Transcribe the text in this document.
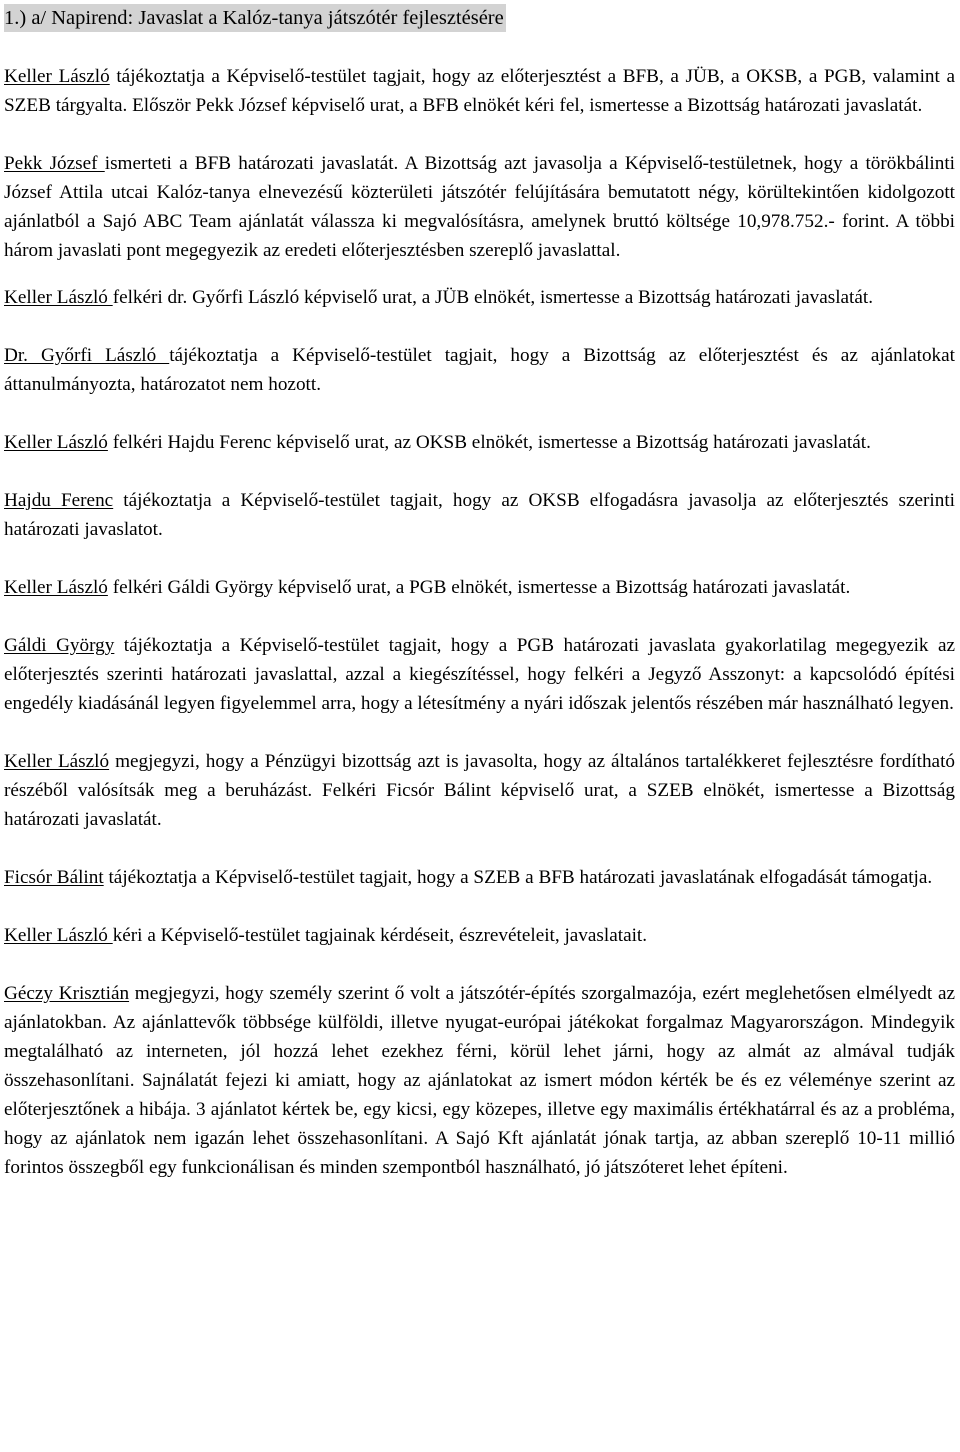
1.) a/ Napirend: Javaslat a Kalóz-tanya játszótér fejlesztésére

Keller László tájékoztatja a Képviselő-testület tagjait, hogy az előterjesztést a BFB, a JÜB, a OKSB, a PGB, valamint a SZEB tárgyalta. Először Pekk József képviselő urat, a BFB elnökét kéri fel, ismertesse a Bizottság határozati javaslatát.

Pekk József ismerteti a BFB határozati javaslatát. A Bizottság azt javasolja a Képviselő-testületnek, hogy a törökbálinti József Attila utcai Kalóz-tanya elnevezésű közterületi játszótér felújítására bemutatott négy, körültekintően kidolgozott ajánlatból a Sajó ABC Team ajánlatát válassza ki megvalósításra, amelynek bruttó költsége 10,978.752.- forint. A többi három javaslati pont megegyezik az eredeti előterjesztésben szereplő javaslattal.

Keller László felkéri dr. Győrfi László képviselő urat, a JÜB elnökét, ismertesse a Bizottság határozati javaslatát.

Dr. Győrfi László tájékoztatja a Képviselő-testület tagjait, hogy a Bizottság az előterjesztést és az ajánlatokat áttanulmányozta, határozatot nem hozott.

Keller László felkéri Hajdu Ferenc képviselő urat, az OKSB elnökét, ismertesse a Bizottság határozati javaslatát.

Hajdu Ferenc tájékoztatja a Képviselő-testület tagjait, hogy az OKSB elfogadásra javasolja az előterjesztés szerinti határozati javaslatot.

Keller László felkéri Gáldi György képviselő urat, a PGB elnökét, ismertesse a Bizottság határozati javaslatát.

Gáldi György tájékoztatja a Képviselő-testület tagjait, hogy a PGB határozati javaslata gyakorlatilag megegyezik az előterjesztés szerinti határozati javaslattal, azzal a kiegészítéssel, hogy felkéri a Jegyző Asszonyt: a kapcsolódó építési engedély kiadásánál legyen figyelemmel arra, hogy a létesítmény a nyári időszak jelentős részében már használható legyen.

Keller László megjegyzi, hogy a Pénzügyi bizottság azt is javasolta, hogy az általános tartalékkeret fejlesztésre fordítható részéből valósítsák meg a beruházást. Felkéri Ficsór Bálint képviselő urat, a SZEB elnökét, ismertesse a Bizottság határozati javaslatát.

Ficsór Bálint tájékoztatja a Képviselő-testület tagjait, hogy a SZEB a BFB határozati javaslatának elfogadását támogatja.

Keller László kéri a Képviselő-testület tagjainak kérdéseit, észrevételeit, javaslatait.

Géczy Krisztián megjegyzi, hogy személy szerint ő volt a játszótér-építés szorgalmazója, ezért meglehetősen elmélyedt az ajánlatokban. Az ajánlattevők többsége külföldi, illetve nyugat-európai játékokat forgalmaz Magyarországon. Mindegyik megtalálható az interneten, jól hozzá lehet ezekhez férni, körül lehet járni, hogy az almát az almával tudják összehasonlítani. Sajnálatát fejezi ki amiatt, hogy az ajánlatokat az ismert módon kérték be és ez véleménye szerint az előterjesztőnek a hibája. 3 ajánlatot kértek be, egy kicsi, egy közepes, illetve egy maximális értékhatárral és az a probléma, hogy az ajánlatok nem igazán lehet összehasonlítani. A Sajó Kft ajánlatát jónak tartja, az abban szereplő 10-11 millió forintos összegből egy funkcionálisan és minden szempontból használható, jó játszóteret lehet építeni.
